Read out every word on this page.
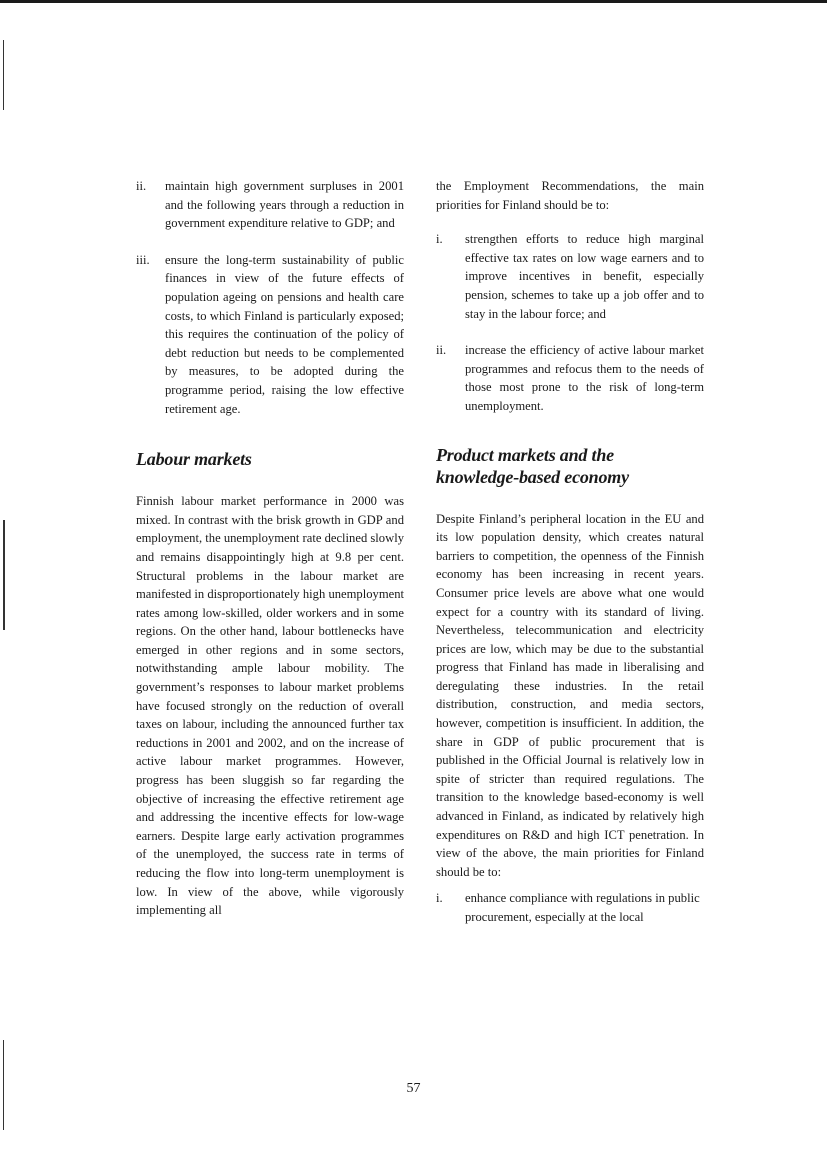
ii.	maintain high government surpluses in 2001 and the following years through a reduction in government expenditure relative to GDP; and
iii.	ensure the long-term sustainability of public finances in view of the future effects of population ageing on pensions and health care costs, to which Finland is particularly exposed; this requires the continuation of the policy of debt reduction but needs to be complemented by measures, to be adopted during the programme period, raising the low effective retirement age.
Labour markets

Finnish labour market performance in 2000 was mixed. In contrast with the brisk growth in GDP and employment, the unemployment rate declined slowly and remains disappointingly high at 9.8 per cent. Structural problems in the labour market are manifested in disproportionately high unemployment rates among low-skilled, older workers and in some regions. On the other hand, labour bottlenecks have emerged in other regions and in some sectors, notwithstanding ample labour mobility. The government’s responses to labour market problems have focused strongly on the reduction of overall taxes on labour, including the announced further tax reductions in 2001 and 2002, and on the increase of active labour market programmes. However, progress has been sluggish so far regarding the objective of increasing the effective retirement age and addressing the incentive effects for low-wage earners. Despite large early activation programmes of the unemployed, the success rate in terms of reducing the flow into long-term unemployment is low. In view of the above, while vigorously implementing all

the Employment Recommendations, the main priorities for Finland should be to:

i.	strengthen efforts to reduce high marginal effective tax rates on low wage earners and to improve incentives in benefit, especially pension, schemes to take up a job offer and to stay in the labour force; and
ii.	increase the efficiency of active labour market programmes and refocus them to the needs of those most prone to the risk of long-term unemployment.
Product markets and the
knowledge-based economy

Despite Finland’s peripheral location in the EU and its low population density, which creates natural barriers to competition, the openness of the Finnish economy has been increasing in recent years. Consumer price levels are above what one would expect for a country with its standard of living. Nevertheless, telecommunication and electricity prices are low, which may be due to the substantial progress that Finland has made in liberalising and deregulating these industries. In the retail distribution, construction, and media sectors, however, competition is insufficient. In addition, the share in GDP of public procurement that is published in the Official Journal is relatively low in spite of stricter than required regulations. The transition to the knowledge based-economy is well advanced in Finland, as indicated by relatively high expenditures on R&D and high ICT penetration. In view of the above, the main priorities for Finland should be to:

i.	enhance compliance with regulations in public procurement, especially at the local
57
